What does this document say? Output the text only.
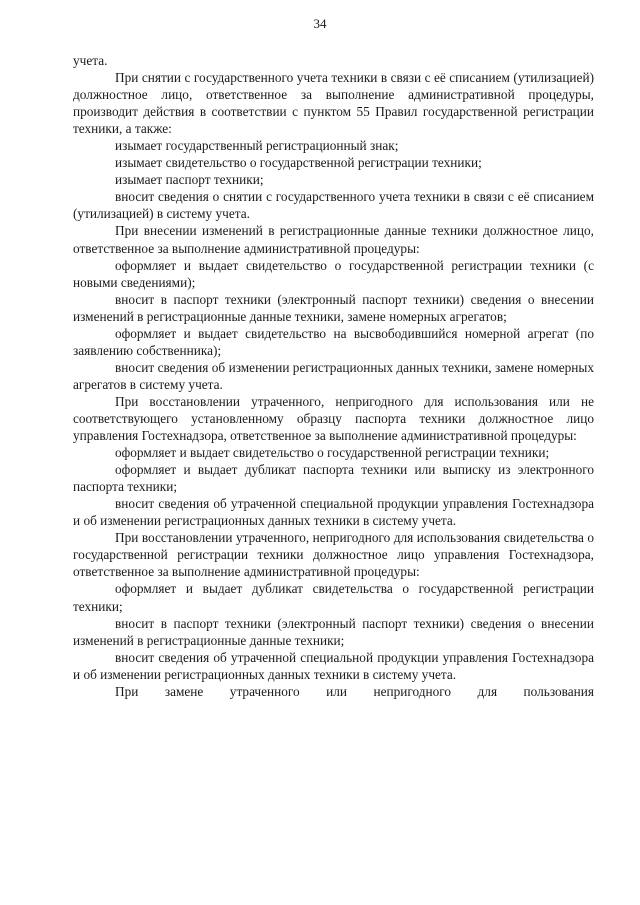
34

учета.

При снятии с государственного учета техники в связи с её списанием (утилизацией) должностное лицо, ответственное за выполнение административной процедуры, производит действия в соответствии с пунктом 55 Правил государственной регистрации техники, а также:

изымает государственный регистрационный знак;

изымает свидетельство о государственной регистрации техники;

изымает паспорт техники;

вносит сведения о снятии с государственного учета техники в связи с её списанием (утилизацией) в систему учета.

При внесении изменений в регистрационные данные техники должностное лицо, ответственное за выполнение административной процедуры:

оформляет и выдает свидетельство о государственной регистрации техники (с новыми сведениями);

вносит в паспорт техники (электронный паспорт техники) сведения о внесении изменений в регистрационные данные техники, замене номерных агрегатов;

оформляет и выдает свидетельство на высвободившийся номерной агрегат (по заявлению собственника);

вносит сведения об изменении регистрационных данных техники, замене номерных агрегатов в систему учета.

При восстановлении утраченного, непригодного для использования или не соответствующего установленному образцу паспорта техники должностное лицо управления Гостехнадзора, ответственное за выполнение административной процедуры:

оформляет и выдает свидетельство о государственной регистрации техники;

оформляет и выдает дубликат паспорта техники или выписку из электронного паспорта техники;

вносит сведения об утраченной специальной продукции управления Гостехнадзора и об изменении регистрационных данных техники в систему учета.

При восстановлении утраченного, непригодного для использования свидетельства о государственной регистрации техники должностное лицо управления Гостехнадзора, ответственное за выполнение административной процедуры:

оформляет и выдает дубликат свидетельства о государственной регистрации техники;

вносит в паспорт техники (электронный паспорт техники) сведения о внесении изменений в регистрационные данные техники;

вносит сведения об утраченной специальной продукции управления Гостехнадзора и об изменении регистрационных данных техники в систему учета.

При замене утраченного или непригодного для пользования
